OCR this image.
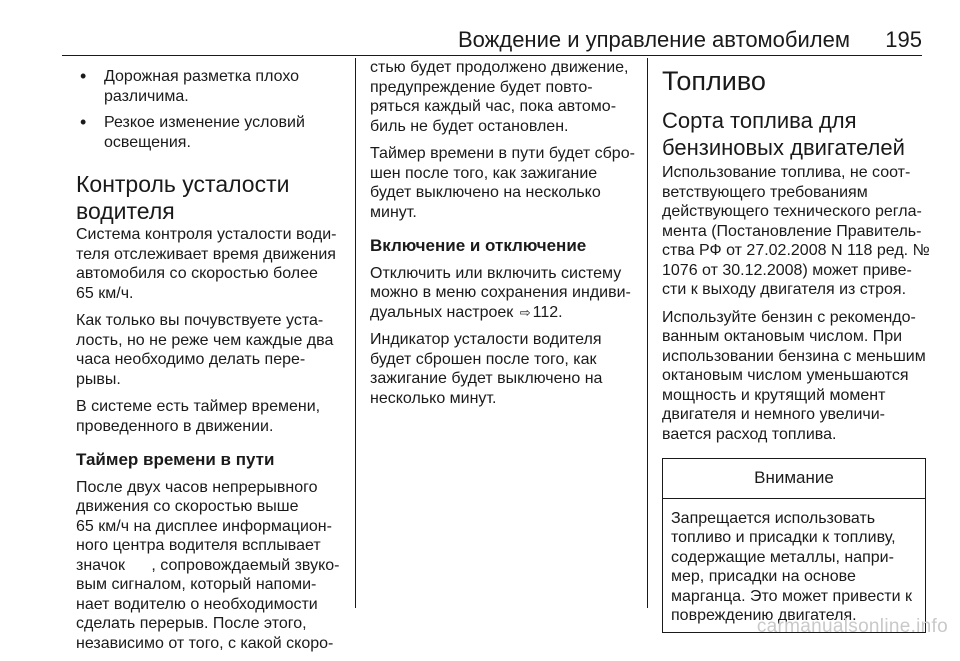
Вождение и управление автомобилем 195
• Дорожная разметка плохо
различима.
• Резкое изменение условий
освещения.
Контроль усталости
водителя

Система контроля усталости води-
теля отслеживает время движения
автомобиля со скоростью более
65 км/ч.

Как только вы почувствуете уста-
лость, но не реже чем каждые два
часа необходимо делать пере-
рывы.

В системе есть таймер времени,
проведенного в движении.

Таймер времени в пути

После двух часов непрерывного
движения со скоростью выше
65 км/ч на дисплее информацион-
ного центра водителя всплывает
значок , сопровождаемый звуко-
вым сигналом, который напоми-
нает водителю о необходимости
сделать перерыв. После этого,
независимо от того, с какой скоро-

стью будет продолжено движение,
предупреждение будет повто-
ряться каждый час, пока автомо-
биль не будет остановлен.

Таймер времени в пути будет сбро-
шен после того, как зажигание
будет выключено на несколько
минут.

Включение и отключение

Отключить или включить систему
можно в меню сохранения индиви-
дуальных настроек ⇨ 112.

Индикатор усталости водителя
будет сброшен после того, как
зажигание будет выключено на
несколько минут.

Топливо
Сорта топлива для
бензиновых двигателей

Использование топлива, не соот-
ветствующего требованиям
действующего технического регла-
мента (Постановление Правитель-
ства РФ от 27.02.2008 N 118 ред. №
1076 от 30.12.2008) может приве-
сти к выходу двигателя из строя.

Используйте бензин с рекомендо-
ванным октановым числом. При
использовании бензина с меньшим
октановым числом уменьшаются
мощность и крутящий момент
двигателя и немного увеличи-
вается расход топлива.

Внимание
Запрещается использовать
топливо и присадки к топливу,
содержащие металлы, напри-
мер, присадки на основе
марганца. Это может привести к
повреждению двигателя.
carmanualsonline.info
